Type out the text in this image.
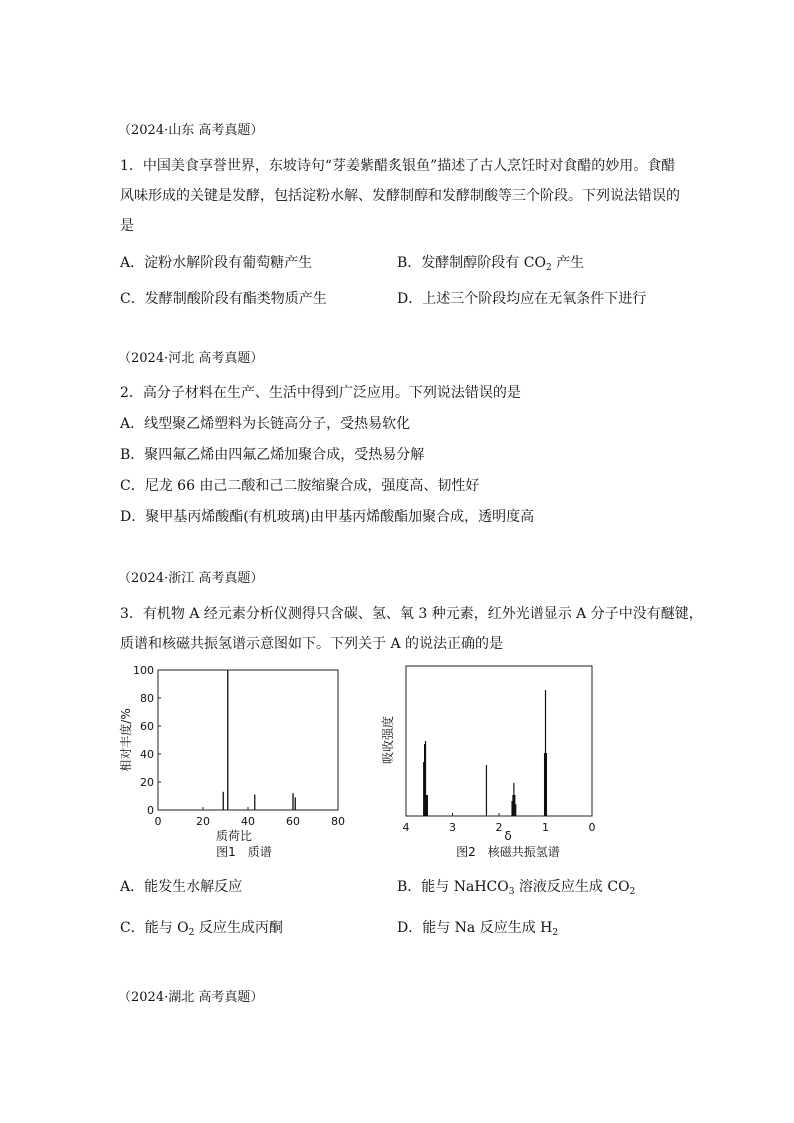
（2024·山东 高考真题）
1．中国美食享誉世界，东坡诗句“芽姜紫醋炙银鱼”描述了古人烹饪时对食醋的妙用。食醋
风味形成的关键是发酵，包括淀粉水解、发酵制醇和发酵制酸等三个阶段。下列说法错误的
是
A．淀粉水解阶段有葡萄糖产生	B．发酵制醇阶段有 $CO_2$ 产生
C．发酵制酸阶段有酯类物质产生	D．上述三个阶段均应在无氧条件下进行
（2024·河北 高考真题）
2．高分子材料在生产、生活中得到广泛应用。下列说法错误的是
A．线型聚乙烯塑料为长链高分子，受热易软化
B．聚四氟乙烯由四氟乙烯加聚合成，受热易分解
C．尼龙 66 由己二酸和己二胺缩聚合成，强度高、韧性好
D．聚甲基丙烯酸酯(有机玻璃)由甲基丙烯酸酯加聚合成，透明度高
（2024·浙江 高考真题）
3．有机物 A 经元素分析仪测得只含碳、氢、氧 3 种元素，红外光谱显示 A 分子中没有醚键，
质谱和核磁共振氢谱示意图如下。下列关于 A 的说法正确的是
0
20
40
60
80
100
0	20	40	60	80
质荷比
相对丰度/%
图1　质谱
4	3	2	1	0
δ
吸收强度
图2　核磁共振氢谱
A．能发生水解反应	B．能与 NaHCO$_3$ 溶液反应生成 $CO_2$
C．能与 $O_2$ 反应生成丙酮	D．能与 Na 反应生成 $H_2$
（2024·湖北 高考真题）
